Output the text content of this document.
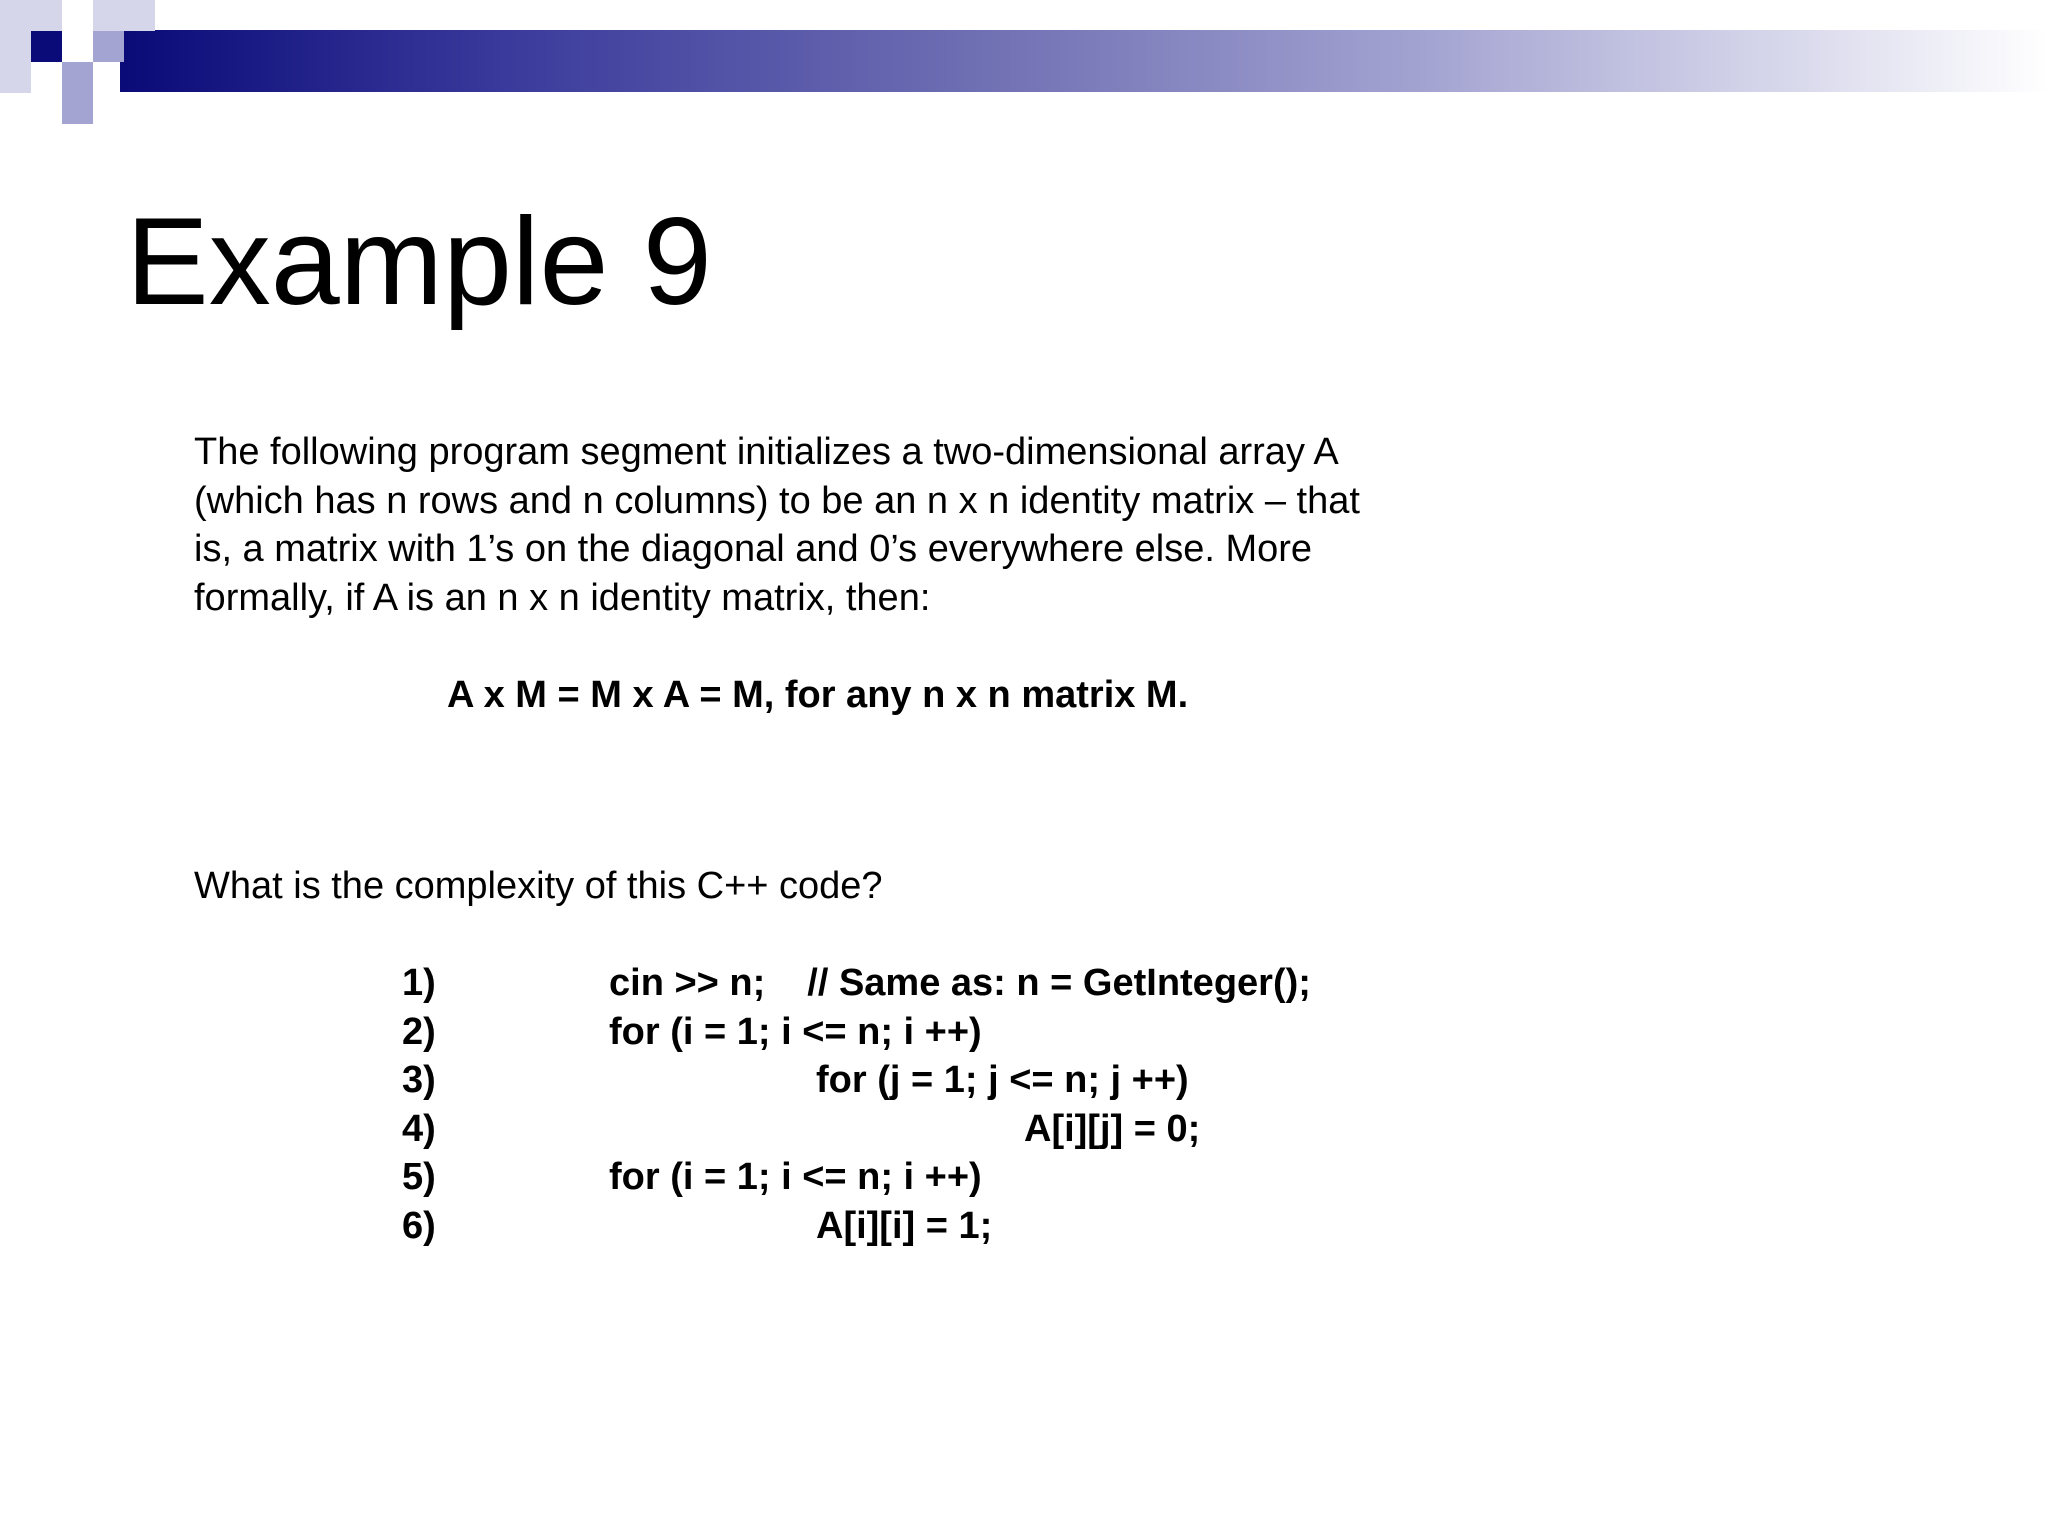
Example 9

The following program segment initializes a two-dimensional array A
(which has n rows and n columns) to be an n x n identity matrix – that
is, a matrix with 1’s on the diagonal and 0’s everywhere else. More
formally, if A is an n x n identity matrix, then:

A x M = M x A = M, for any n x n matrix M.

What is the complexity of this C++ code?

1)	cin >> n; // Same as: n = GetInteger();
2)	for (i = 1; i <= n; i ++)
3)	for (j = 1; j <= n; j ++)
4)	A[i][j] = 0;
5)	for (i = 1; i <= n; i ++)
6)	A[i][i] = 1;
